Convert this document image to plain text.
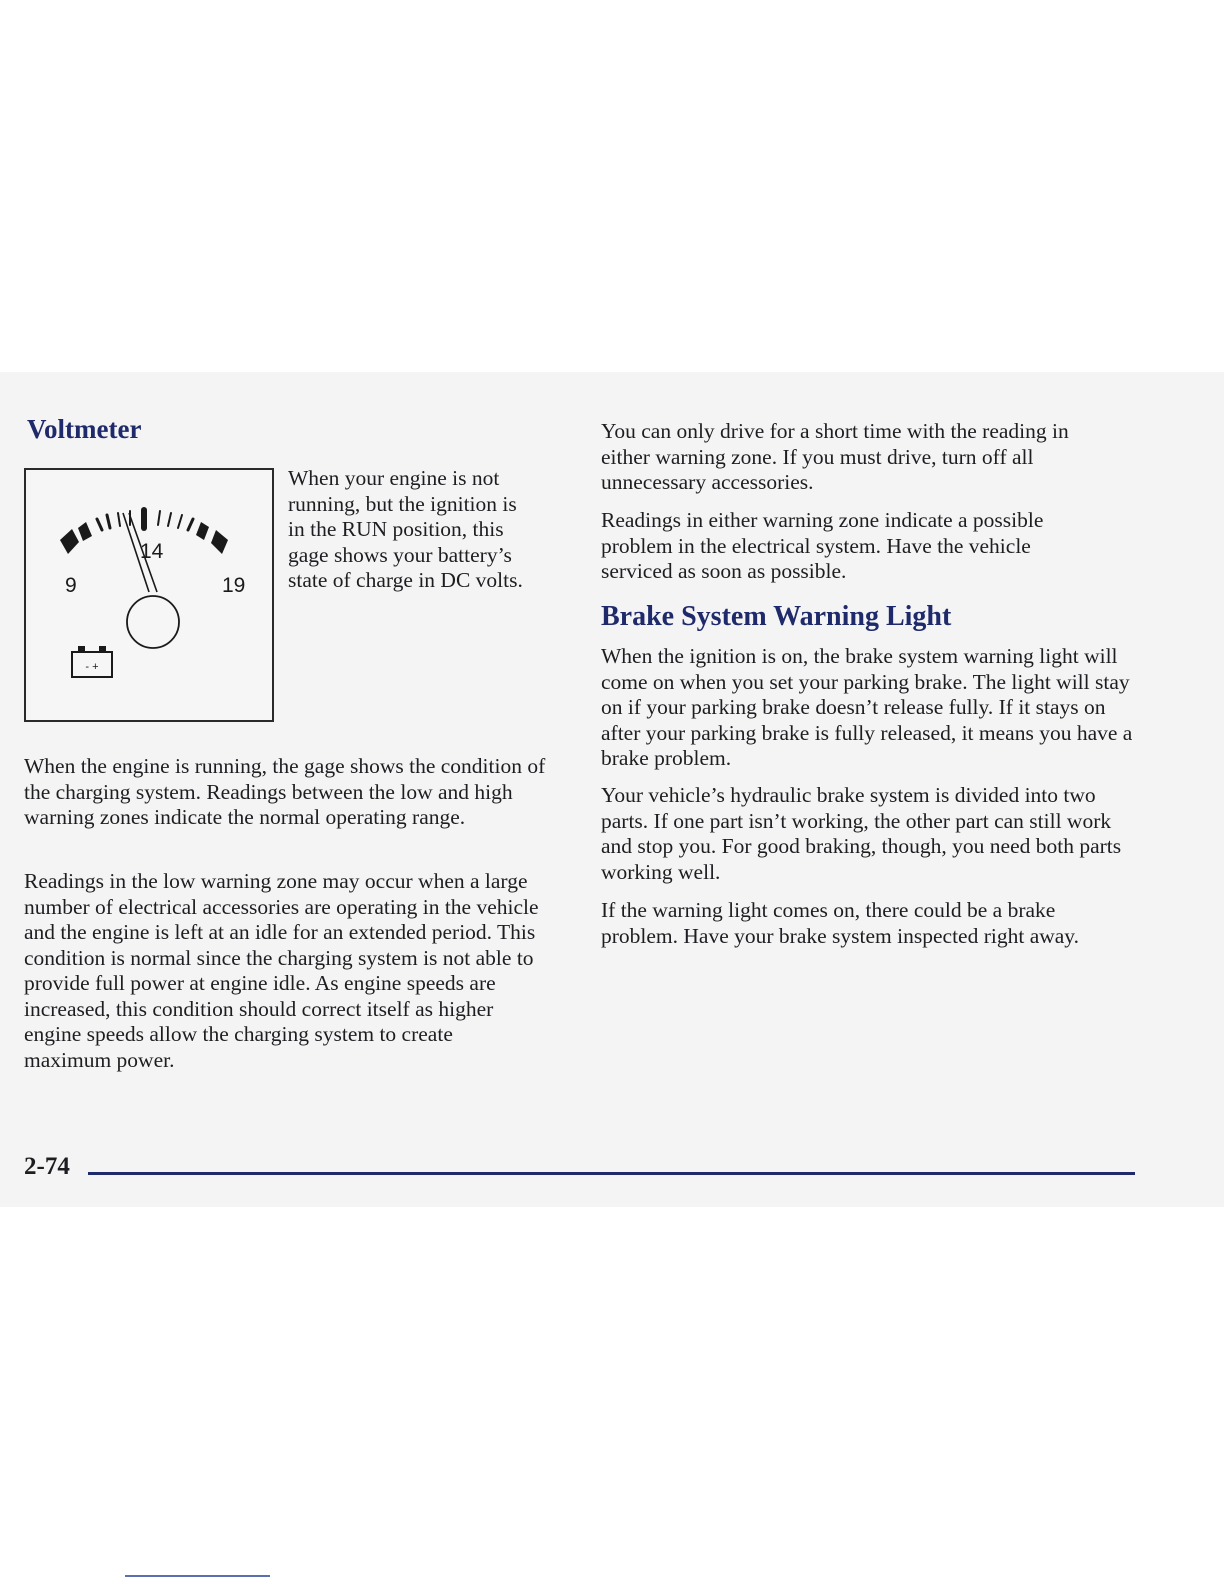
Voltmeter
14
9	19
- +
When your engine is not
running, but the ignition is
in the RUN position, this
gage shows your battery’s
state of charge in DC volts.

When the engine is running, the gage shows the condition of the charging system. Readings between the low and high warning zones indicate the normal operating range.

Readings in the low warning zone may occur when a large number of electrical accessories are operating in the vehicle and the engine is left at an idle for an extended period. This condition is normal since the charging system is not able to provide full power at engine idle. As engine speeds are increased, this condition should correct itself as higher engine speeds allow the charging system to create maximum power.

You can only drive for a short time with the reading in either warning zone. If you must drive, turn off all unnecessary accessories.

Readings in either warning zone indicate a possible problem in the electrical system. Have the vehicle serviced as soon as possible.

Brake System Warning Light

When the ignition is on, the brake system warning light will come on when you set your parking brake. The light will stay on if your parking brake doesn’t release fully. If it stays on after your parking brake is fully released, it means you have a brake problem.

Your vehicle’s hydraulic brake system is divided into two parts. If one part isn’t working, the other part can still work and stop you. For good braking, though, you need both parts working well.

If the warning light comes on, there could be a brake problem. Have your brake system inspected right away.

2-74
